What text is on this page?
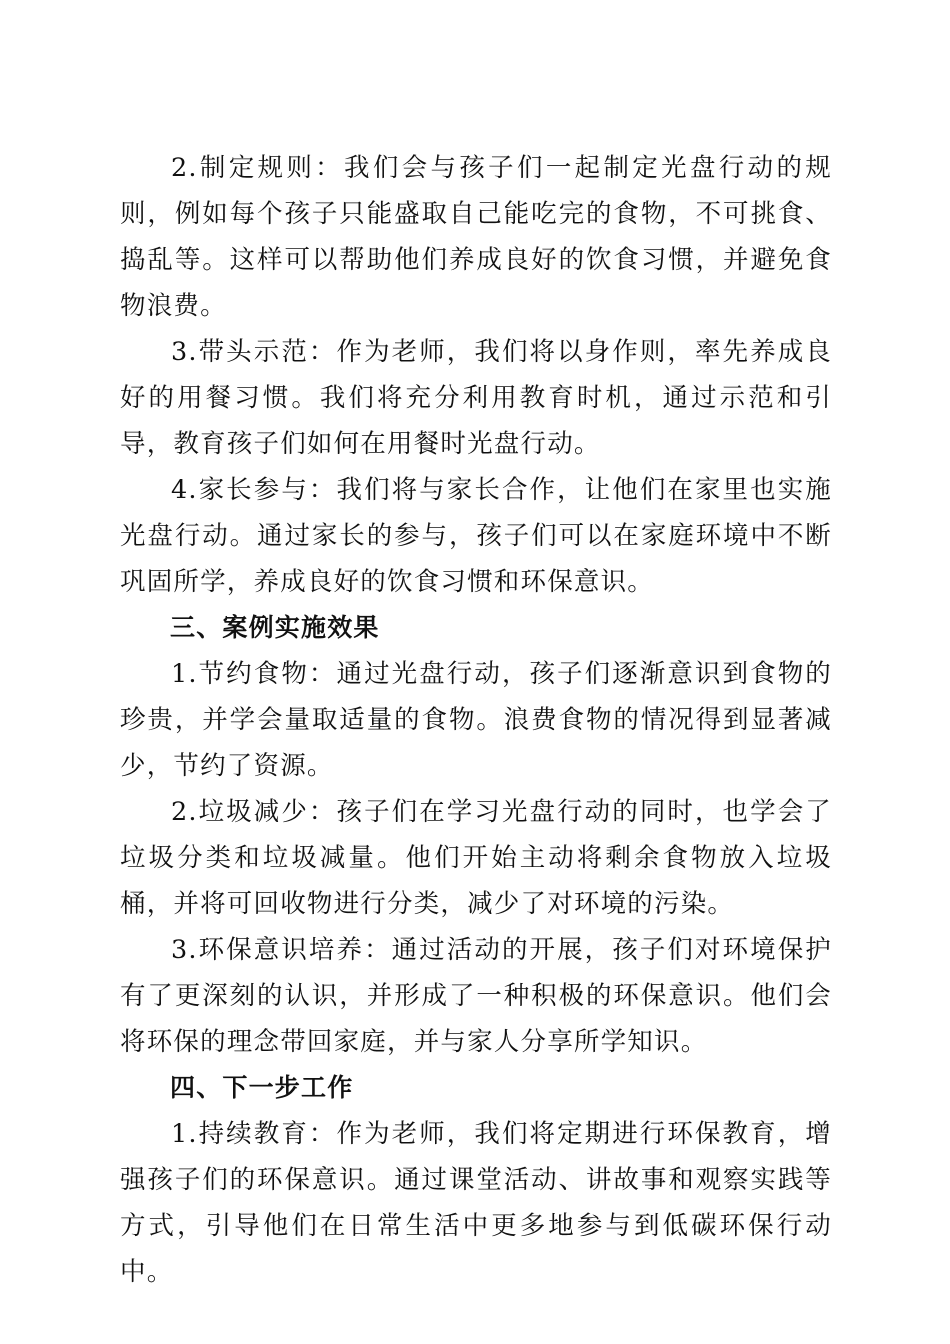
2.制定规则：我们会与孩子们一起制定光盘行动的规则，例如每个孩子只能盛取自己能吃完的食物，不可挑食、捣乱等。这样可以帮助他们养成良好的饮食习惯，并避免食物浪费。

3.带头示范：作为老师，我们将以身作则，率先养成良好的用餐习惯。我们将充分利用教育时机，通过示范和引导，教育孩子们如何在用餐时光盘行动。

4.家长参与：我们将与家长合作，让他们在家里也实施光盘行动。通过家长的参与，孩子们可以在家庭环境中不断巩固所学，养成良好的饮食习惯和环保意识。

三、案例实施效果

1.节约食物：通过光盘行动，孩子们逐渐意识到食物的珍贵，并学会量取适量的食物。浪费食物的情况得到显著减少，节约了资源。

2.垃圾减少：孩子们在学习光盘行动的同时，也学会了垃圾分类和垃圾减量。他们开始主动将剩余食物放入垃圾桶，并将可回收物进行分类，减少了对环境的污染。

3.环保意识培养：通过活动的开展，孩子们对环境保护有了更深刻的认识，并形成了一种积极的环保意识。他们会将环保的理念带回家庭，并与家人分享所学知识。

四、下一步工作

1.持续教育：作为老师，我们将定期进行环保教育，增强孩子们的环保意识。通过课堂活动、讲故事和观察实践等方式，引导他们在日常生活中更多地参与到低碳环保行动中。
